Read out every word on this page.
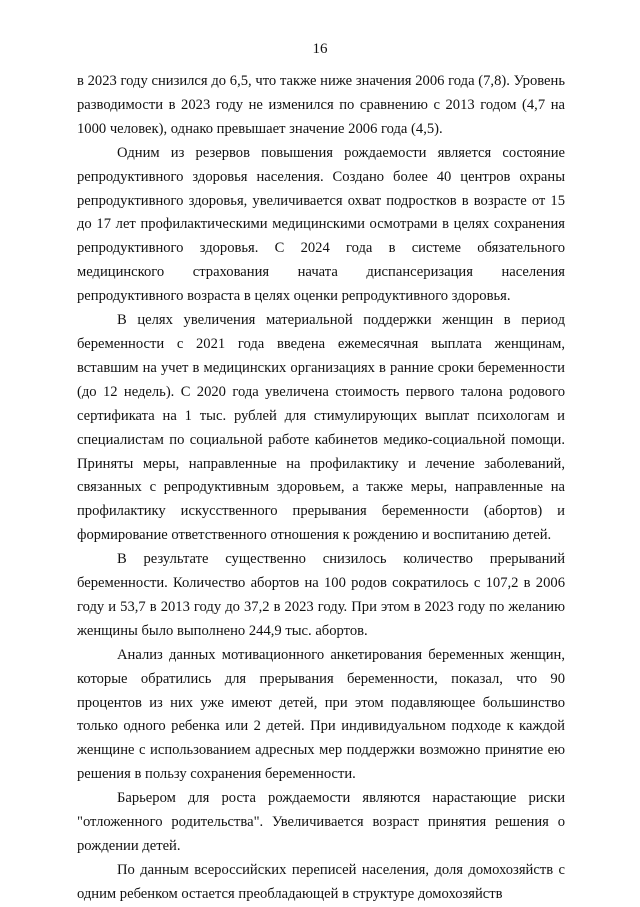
16

в 2023 году снизился до 6,5, что также ниже значения 2006 года (7,8). Уровень разводимости в 2023 году не изменился по сравнению с 2013 годом (4,7 на 1000 человек), однако превышает значение 2006 года (4,5).

Одним из резервов повышения рождаемости является состояние репродуктивного здоровья населения. Создано более 40 центров охраны репродуктивного здоровья, увеличивается охват подростков в возрасте от 15 до 17 лет профилактическими медицинскими осмотрами в целях сохранения репродуктивного здоровья. С 2024 года в системе обязательного медицинского страхования начата диспансеризация населения репродуктивного возраста в целях оценки репродуктивного здоровья.

В целях увеличения материальной поддержки женщин в период беременности с 2021 года введена ежемесячная выплата женщинам, вставшим на учет в медицинских организациях в ранние сроки беременности (до 12 недель). С 2020 года увеличена стоимость первого талона родового сертификата на 1 тыс. рублей для стимулирующих выплат психологам и специалистам по социальной работе кабинетов медико-социальной помощи. Приняты меры, направленные на профилактику и лечение заболеваний, связанных с репродуктивным здоровьем, а также меры, направленные на профилактику искусственного прерывания беременности (абортов) и формирование ответственного отношения к рождению и воспитанию детей.

В результате существенно снизилось количество прерываний беременности. Количество абортов на 100 родов сократилось с 107,2 в 2006 году и 53,7 в 2013 году до 37,2 в 2023 году. При этом в 2023 году по желанию женщины было выполнено 244,9 тыс. абортов.

Анализ данных мотивационного анкетирования беременных женщин, которые обратились для прерывания беременности, показал, что 90 процентов из них уже имеют детей, при этом подавляющее большинство только одного ребенка или 2 детей. При индивидуальном подходе к каждой женщине с использованием адресных мер поддержки возможно принятие ею решения в пользу сохранения беременности.

Барьером для роста рождаемости являются нарастающие риски "отложенного родительства". Увеличивается возраст принятия решения о рождении детей.

По данным всероссийских переписей населения, доля домохозяйств с одним ребенком остается преобладающей в структуре домохозяйств
